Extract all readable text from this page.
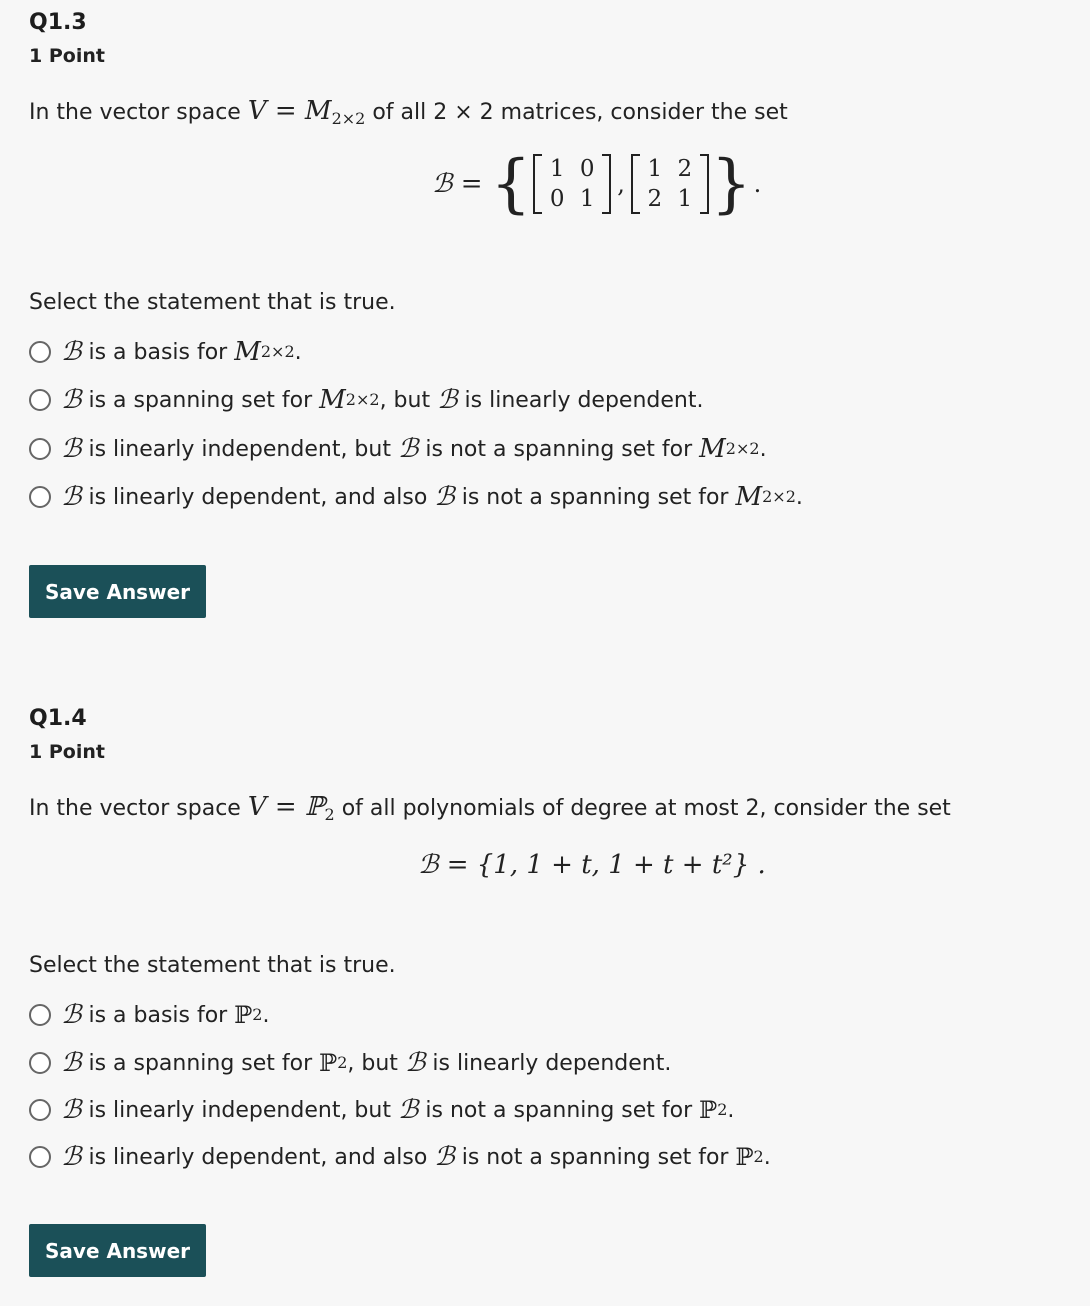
Q1.3
1 Point
In the vector space $V = M_{2\times 2}$ of all 2 × 2 matrices, consider the set
ℬ = { 1 0
0 1
,
1 2
2 1 } .
Select the statement that is true.
ℬ
is a basis for
M 2×2 .
ℬ
is a spanning set for
M 2×2 , but
ℬ
is linearly dependent.
ℬ
is linearly independent, but
ℬ
is not a spanning set for
M 2×2 .
ℬ
is linearly dependent, and also
ℬ
is not a spanning set for
M 2×2 .
Save Answer
Q1.4
1 Point
In the vector space V = ℙ$_2$ of all polynomials of degree at most 2, consider the set
ℬ = {1, 1 + t, 1 + t + t²} .
Select the statement that is true.
ℬ
is a basis for
ℙ 2 .
ℬ
is a spanning set for
ℙ 2 , but
ℬ
is linearly dependent.
ℬ
is linearly independent, but
ℬ
is not a spanning set for
ℙ 2 .
ℬ
is linearly dependent, and also
ℬ
is not a spanning set for
ℙ 2 .
Save Answer
